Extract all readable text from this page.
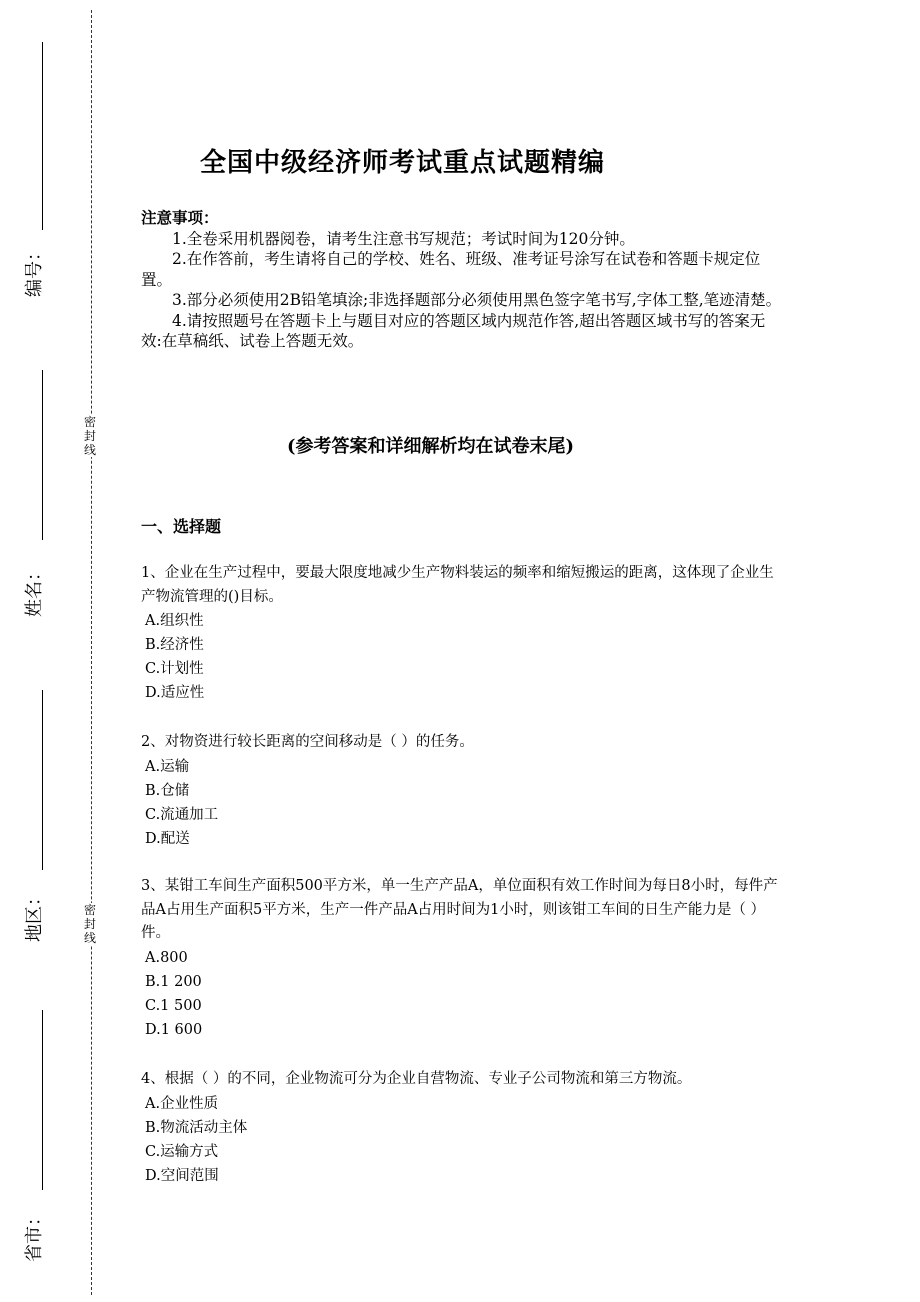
密
封
线
密
封
线
编号：
姓名：
地区：
省市：
全国中级经济师考试重点试题精编
注意事项：
1.全卷采用机器阅卷，请考生注意书写规范；考试时间为120分钟。
2.在作答前，考生请将自己的学校、姓名、班级、准考证号涂写在试卷和答题卡规定位置。
3.部分必须使用2B铅笔填涂;非选择题部分必须使用黑色签字笔书写,字体工整,笔迹清楚。
4.请按照题号在答题卡上与题目对应的答题区域内规范作答,超出答题区域书写的答案无效:在草稿纸、试卷上答题无效。
(参考答案和详细解析均在试卷末尾)
一、选择题

1、企业在生产过程中，要最大限度地减少生产物料装运的频率和缩短搬运的距离，这体现了企业生产物流管理的()目标。

A.组织性

B.经济性

C.计划性

D.适应性

2、对物资进行较长距离的空间移动是（ ）的任务。

A.运输

B.仓储

C.流通加工

D.配送

3、某钳工车间生产面积500平方米，单一生产产品A，单位面积有效工作时间为每日8小时，每件产品A占用生产面积5平方米，生产一件产品A占用时间为1小时，则该钳工车间的日生产能力是（ ）件。

A.800

B.1 200

C.1 500

D.1 600

4、根据（ ）的不同，企业物流可分为企业自营物流、专业子公司物流和第三方物流。

A.企业性质

B.物流活动主体

C.运输方式

D.空间范围
